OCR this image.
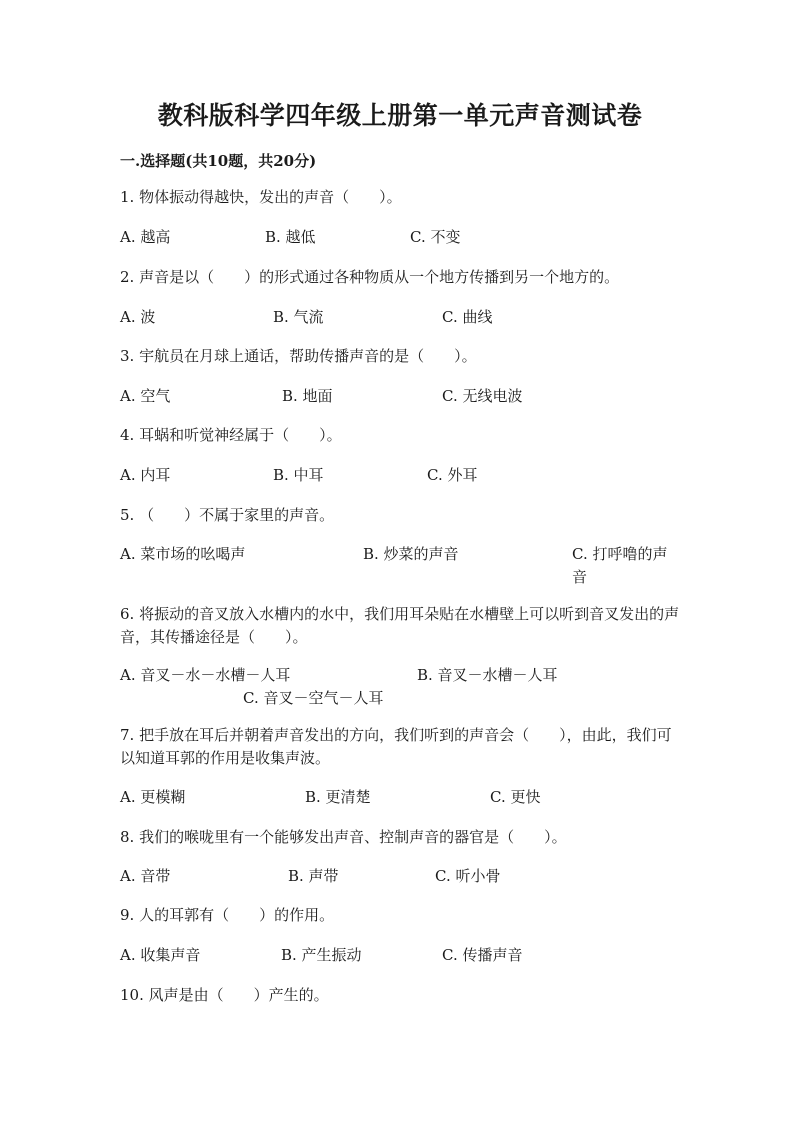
教科版科学四年级上册第一单元声音测试卷
一.选择题(共10题，共20分)
1. 物体振动得越快，发出的声音（　　）。
A. 越高	B. 越低	C. 不变
2. 声音是以（　　）的形式通过各种物质从一个地方传播到另一个地方的。
A. 波	B. 气流	C. 曲线
3. 宇航员在月球上通话，帮助传播声音的是（　　）。
A. 空气	B. 地面	C. 无线电波
4. 耳蜗和听觉神经属于（　　）。
A. 内耳	B. 中耳	C. 外耳
5. （　　）不属于家里的声音。
A. 菜市场的吆喝声	B. 炒菜的声音	C. 打呼噜的声音
6. 将振动的音叉放入水槽内的水中，我们用耳朵贴在水槽壁上可以听到音叉发出的声音，其传播途径是（　　）。
A. 音叉－水－水槽－人耳	B. 音叉－水槽－人耳
C. 音叉－空气－人耳
7. 把手放在耳后并朝着声音发出的方向，我们听到的声音会（　　），由此，我们可以知道耳郭的作用是收集声波。
A. 更模糊	B. 更清楚	C. 更快
8. 我们的喉咙里有一个能够发出声音、控制声音的器官是（　　）。
A. 音带	B. 声带	C. 听小骨
9. 人的耳郭有（　　）的作用。
A. 收集声音	B. 产生振动	C. 传播声音
10. 风声是由（　　）产生的。
